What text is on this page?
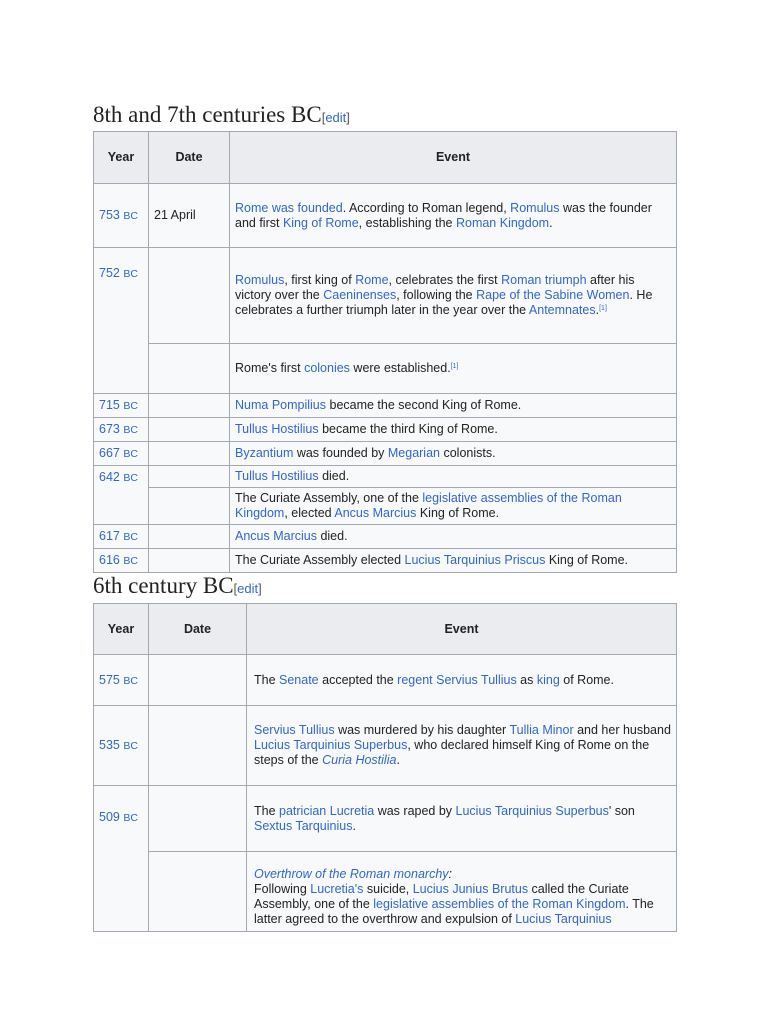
8th and 7th centuries BC[edit]
Year	Date	Event
753 BC	21 April	Rome was founded. According to Roman legend, Romulus was the founder and first King of Rome, establishing the Roman Kingdom.
752 BC		Romulus, first king of Rome, celebrates the first Roman triumph after his victory over the Caeninenses, following the Rape of the Sabine Women. He celebrates a further triumph later in the year over the Antemnates.[1]
		Rome's first colonies were established.[1]
715 BC		Numa Pompilius became the second King of Rome.
673 BC		Tullus Hostilius became the third King of Rome.
667 BC		Byzantium was founded by Megarian colonists.
642 BC		Tullus Hostilius died.
		The Curiate Assembly, one of the legislative assemblies of the Roman Kingdom, elected Ancus Marcius King of Rome.
617 BC		Ancus Marcius died.
616 BC		The Curiate Assembly elected Lucius Tarquinius Priscus King of Rome.
6th century BC[edit]
Year	Date	Event
575 BC		The Senate accepted the regent Servius Tullius as king of Rome.
535 BC		Servius Tullius was murdered by his daughter Tullia Minor and her husband Lucius Tarquinius Superbus, who declared himself King of Rome on the steps of the Curia Hostilia.
509 BC		The patrician Lucretia was raped by Lucius Tarquinius Superbus' son Sextus Tarquinius.
		Overthrow of the Roman monarchy:
Following Lucretia's suicide, Lucius Junius Brutus called the Curiate Assembly, one of the legislative assemblies of the Roman Kingdom. The latter agreed to the overthrow and expulsion of Lucius Tarquinius
